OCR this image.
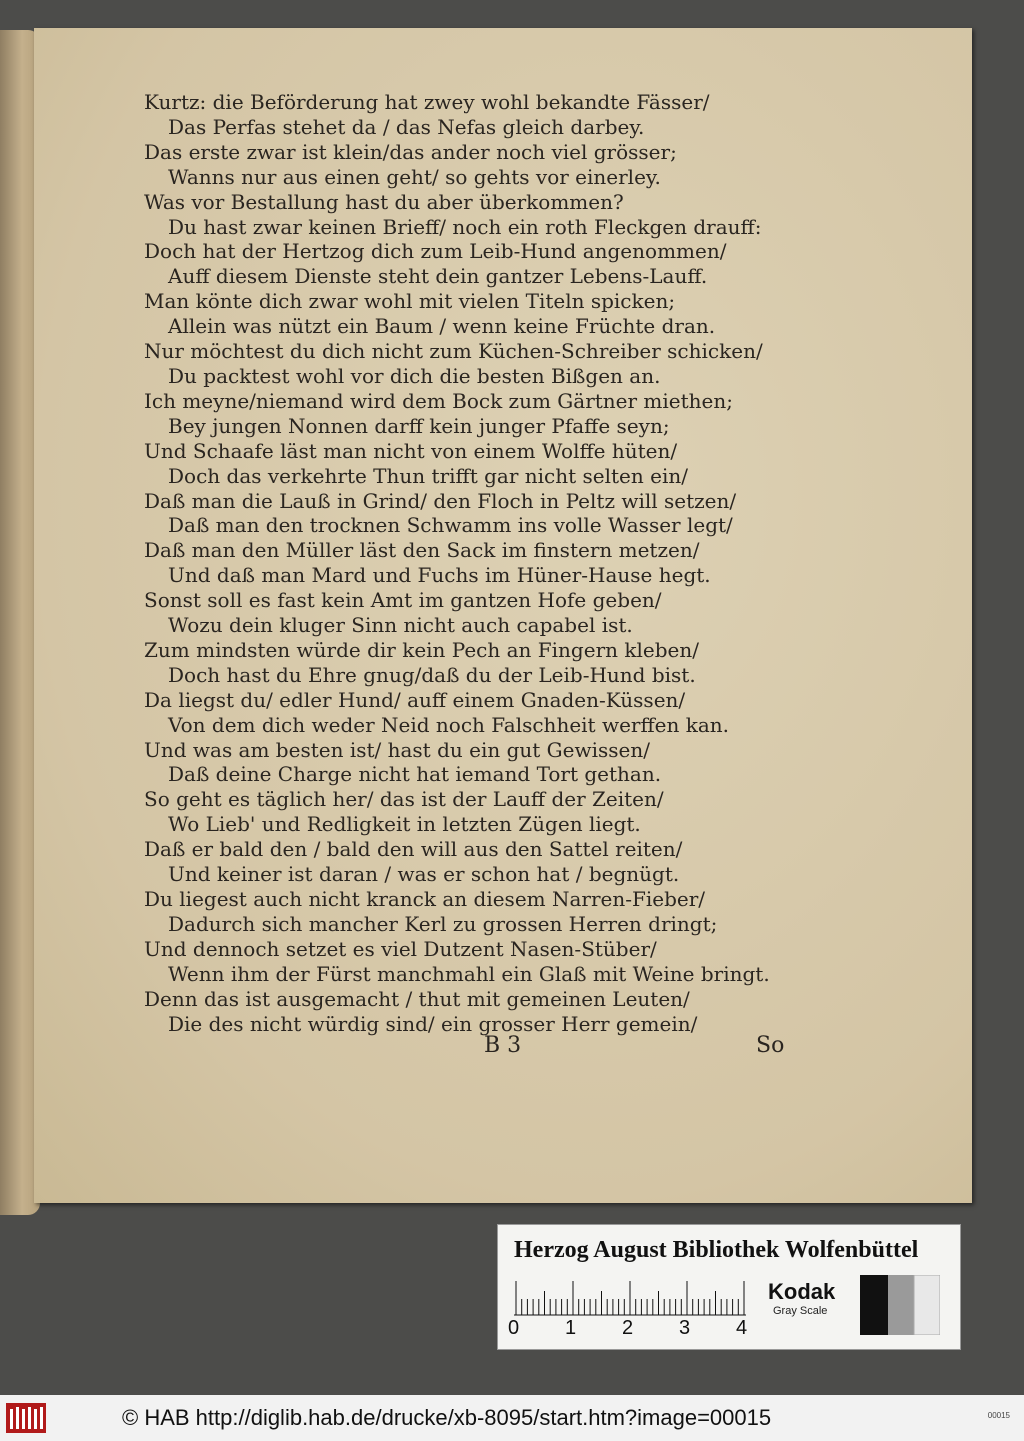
Kurtz: die Beförderung hat zwey wohl bekandte Fässer/
Das Perfas stehet da / das Nefas gleich darbey.
Das erste zwar ist klein/das ander noch viel grösser;
Wanns nur aus einen geht/ so gehts vor einerley.
Was vor Bestallung hast du aber überkommen?
Du hast zwar keinen Brieff/ noch ein roth Fleckgen drauff:
Doch hat der Hertzog dich zum Leib-Hund angenommen/
Auff diesem Dienste steht dein gantzer Lebens-Lauff.
Man könte dich zwar wohl mit vielen Titeln spicken;
Allein was nützt ein Baum / wenn keine Früchte dran.
Nur möchtest du dich nicht zum Küchen-Schreiber schicken/
Du packtest wohl vor dich die besten Bißgen an.
Ich meyne/niemand wird dem Bock zum Gärtner miethen;
Bey jungen Nonnen darff kein junger Pfaffe seyn;
Und Schaafe läst man nicht von einem Wolffe hüten/
Doch das verkehrte Thun trifft gar nicht selten ein/
Daß man die Lauß in Grind/ den Floch in Peltz will setzen/
Daß man den trocknen Schwamm ins volle Wasser legt/
Daß man den Müller läst den Sack im finstern metzen/
Und daß man Mard und Fuchs im Hüner-Hause hegt.
Sonst soll es fast kein Amt im gantzen Hofe geben/
Wozu dein kluger Sinn nicht auch capabel ist.
Zum mindsten würde dir kein Pech an Fingern kleben/
Doch hast du Ehre gnug/daß du der Leib-Hund bist.
Da liegst du/ edler Hund/ auff einem Gnaden-Küssen/
Von dem dich weder Neid noch Falschheit werffen kan.
Und was am besten ist/ hast du ein gut Gewissen/
Daß deine Charge nicht hat iemand Tort gethan.
So geht es täglich her/ das ist der Lauff der Zeiten/
Wo Lieb' und Redligkeit in letzten Zügen liegt.
Daß er bald den / bald den will aus den Sattel reiten/
Und keiner ist daran / was er schon hat / begnügt.
Du liegest auch nicht kranck an diesem Narren-Fieber/
Dadurch sich mancher Kerl zu grossen Herren dringt;
Und dennoch setzet es viel Dutzent Nasen-Stüber/
Wenn ihm der Fürst manchmahl ein Glaß mit Weine bringt.
Denn das ist ausgemacht / thut mit gemeinen Leuten/
Die des nicht würdig sind/ ein grosser Herr gemein/
B 3	So
Herzog August Bibliothek Wolfenbüttel
0 1 2 3 4
Kodak
Gray Scale
© HAB http://diglib.hab.de/drucke/xb-8095/start.htm?image=00015	00015
